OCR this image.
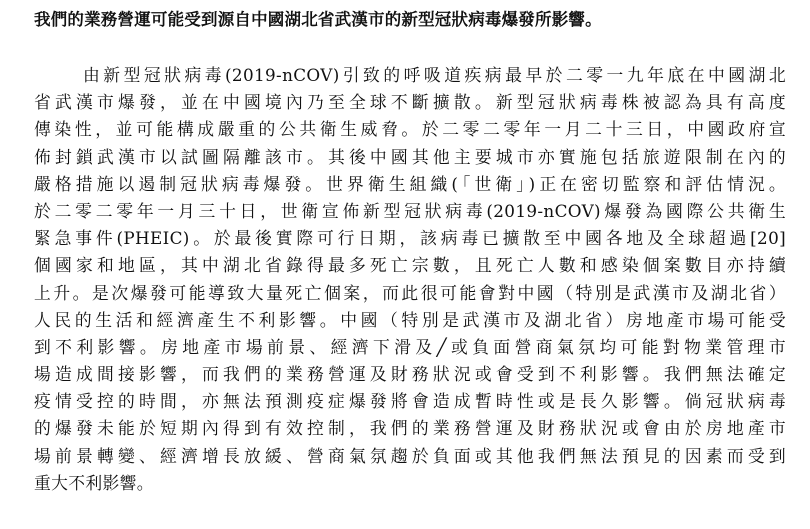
我們的業務營運可能受到源自中國湖北省武漢市的新型冠狀病毒爆發所影響。
由新型冠狀病毒(2019-nCOV)引致的呼吸道疾病最早於二零一九年底在中國湖北
省武漢市爆發，並在中國境內乃至全球不斷擴散。新型冠狀病毒株被認為具有高度
傳染性，並可能構成嚴重的公共衛生威脅。於二零二零年一月二十三日，中國政府宣
佈封鎖武漢市以試圖隔離該市。其後中國其他主要城市亦實施包括旅遊限制在內的
嚴格措施以遏制冠狀病毒爆發。世界衛生組織(「世衛」)正在密切監察和評估情況。
於二零二零年一月三十日，世衛宣佈新型冠狀病毒(2019-nCOV)爆發為國際公共衛生
緊急事件(PHEIC)。於最後實際可行日期，該病毒已擴散至中國各地及全球超過[20]
個國家和地區，其中湖北省錄得最多死亡宗數，且死亡人數和感染個案數目亦持續
上升。是次爆發可能導致大量死亡個案，而此很可能會對中國（特別是武漢市及湖北省）
人民的生活和經濟產生不利影響。中國（特別是武漢市及湖北省）房地產市場可能受
到不利影響。房地產市場前景、經濟下滑及╱或負面營商氣氛均可能對物業管理市
場造成間接影響，而我們的業務營運及財務狀況或會受到不利影響。我們無法確定
疫情受控的時間，亦無法預測疫症爆發將會造成暫時性或是長久影響。倘冠狀病毒
的爆發未能於短期內得到有效控制，我們的業務營運及財務狀況或會由於房地產市
場前景轉變、經濟增長放緩、營商氣氛趨於負面或其他我們無法預見的因素而受到
重大不利影響。
